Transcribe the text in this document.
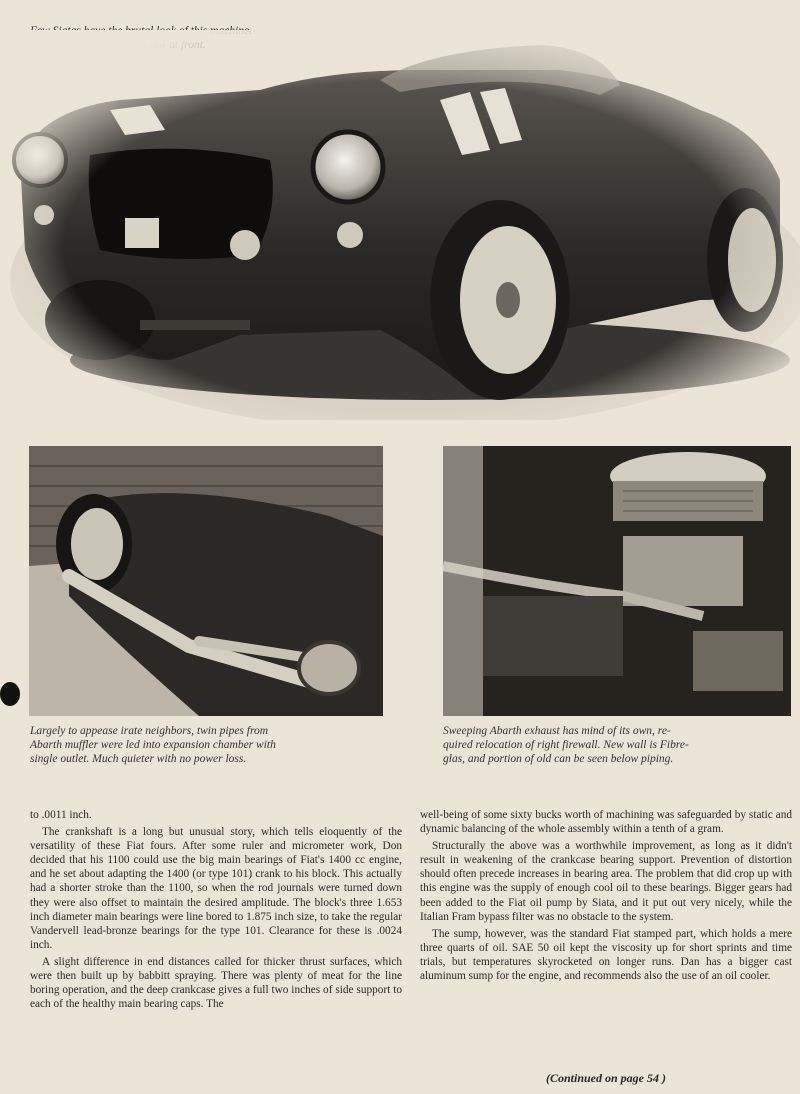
Largely to appease irate neighbors, twin pipes from
Abarth muffler were led into expansion chamber with
single outlet. Much quieter with no power loss.
Sweeping Abarth exhaust has mind of its own, re-
quired relocation of right firewall. New wall is Fibre-
glas, and portion of old can be seen below piping.

to .0011 inch.

The crankshaft is a long but unusual story, which tells eloquently of the versatility of these Fiat fours. After some ruler and micrometer work, Don decided that his 1100 could use the big main bearings of Fiat's 1400 cc engine, and he set about adapting the 1400 (or type 101) crank to his block. This actually had a shorter stroke than the 1100, so when the rod journals were turned down they were also offset to maintain the desired amplitude. The block's three 1.653 inch diameter main bearings were line bored to 1.875 inch size, to take the regular Vandervell lead-bronze bearings for the type 101. Clearance for these is .0024 inch.

A slight difference in end distances called for thicker thrust surfaces, which were then built up by babbitt spraying. There was plenty of meat for the line boring operation, and the deep crankcase gives a full two inches of side support to each of the healthy main bearing caps. The

well-being of some sixty bucks worth of machining was safeguarded by static and dynamic balancing of the whole assembly within a tenth of a gram.

Structurally the above was a worthwhile improvement, as long as it didn't result in weakening of the crankcase bearing support. Prevention of distortion should often precede increases in bearing area. The problem that did crop up with this engine was the supply of enough cool oil to these bearings. Bigger gears had been added to the Fiat oil pump by Siata, and it put out very nicely, while the Italian Fram bypass filter was no obstacle to the system.

The sump, however, was the standard Fiat stamped part, which holds a mere three quarts of oil. SAE 50 oil kept the viscosity up for short sprints and time trials, but temperatures skyrocketed on longer runs. Dan has a bigger cast aluminum sump for the engine, and recommends also the use of an oil cooler.

(Continued on page 54 )
